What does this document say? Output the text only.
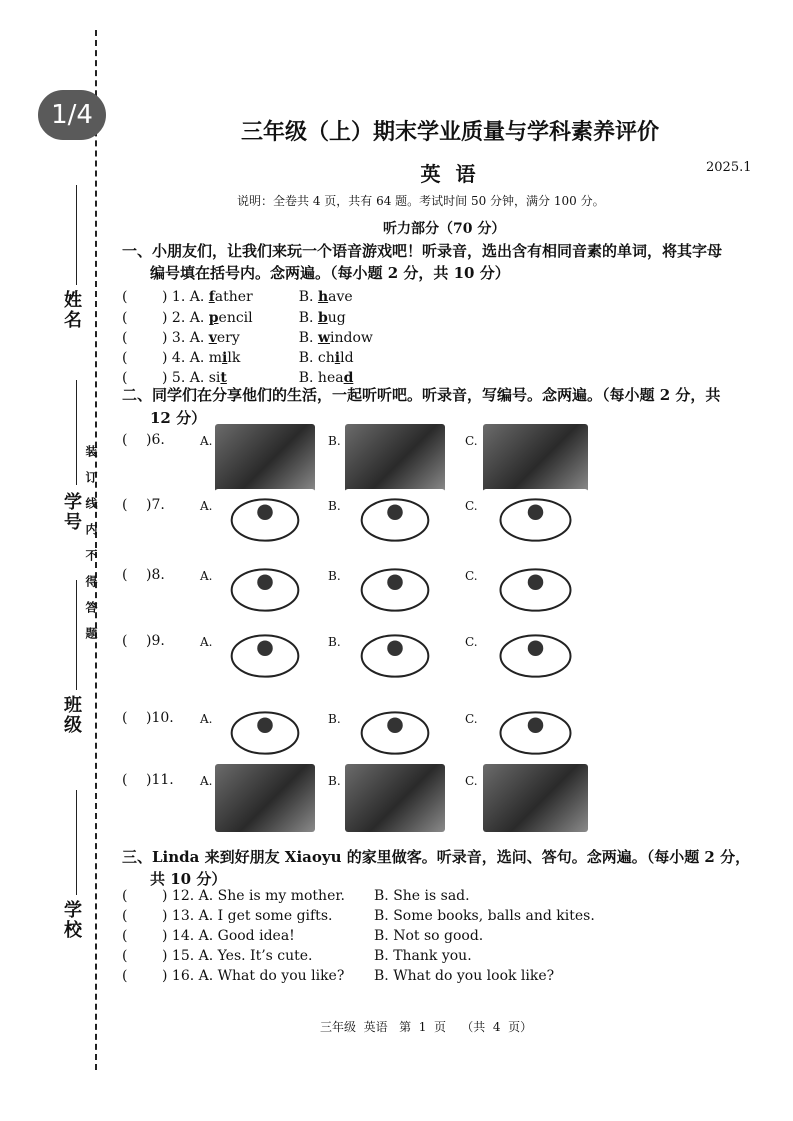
1/4
姓名
学号
班级
学校
装订线内不得答题
三年级（上）期末学业质量与学科素养评价
英 语	2025.1
说明：全卷共 4 页，共有 64 题。考试时间 50 分钟，满分 100 分。
听力部分（70 分）
一、小朋友们，让我们来玩一个语音游戏吧！听录音，选出含有相同音素的单词，将其字母
编号填在括号内。念两遍。（每小题 2 分，共 10 分）
( ) 1. A. father	B. have
( ) 2. A. pencil	B. bug
( ) 3. A. very	B. window
( ) 4. A. milk	B. child
( ) 5. A. sit	B. head
二、同学们在分享他们的生活，一起听听吧。听录音，写编号。念两遍。（每小题 2 分，共
12 分）
( )6.	A.	B.	C.
( )7.	A.	B.	C.
( )8.	A.	B.	C.
( )9.	A.	B.	C.
( )10. A.	B.	C.
( )11. A.	B.	C.
三、Linda 来到好朋友 Xiaoyu 的家里做客。听录音，选问、答句。念两遍。（每小题 2 分，
共 10 分）
( ) 12. A. She is my mother. B. She is sad.
( ) 13. A. I get some gifts.	B. Some books, balls and kites.
( ) 14. A. Good idea!	B. Not so good.
( ) 15. A. Yes. It’s cute.	B. Thank you.
( ) 16. A. What do you like? B. What do you look like?
三年级  英语   第  1  页    （共  4  页）
